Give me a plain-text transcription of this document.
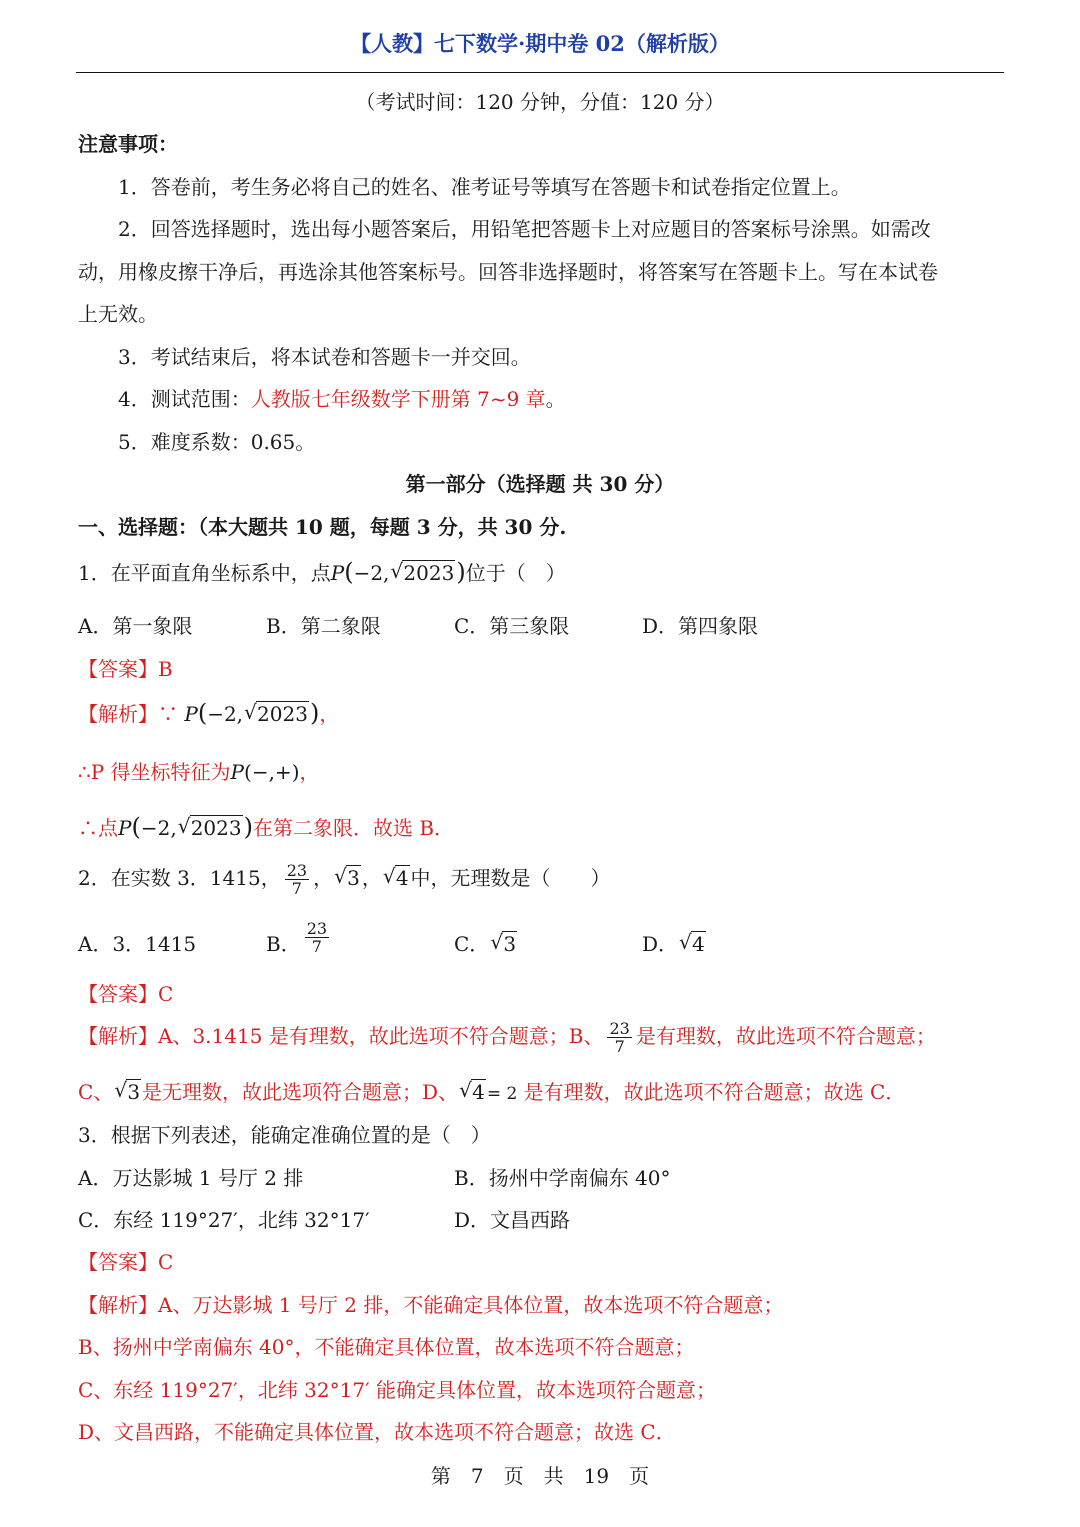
【人教】七下数学·期中卷 02（解析版）
（考试时间：120 分钟，分值：120 分）
注意事项：
1．答卷前，考生务必将自己的姓名、准考证号等填写在答题卡和试卷指定位置上。
2．回答选择题时，选出每小题答案后，用铅笔把答题卡上对应题目的答案标号涂黑。如需改
动，用橡皮擦干净后，再选涂其他答案标号。回答非选择题时，将答案写在答题卡上。写在本试卷
上无效。
3．考试结束后，将本试卷和答题卡一并交回。
4．测试范围：人教版七年级数学下册第 7~9 章。
5．难度系数：0.65。
第一部分（选择题 共 30 分）
一、选择题：（本大题共 10 题，每题 3 分，共 30 分.
1．在平面直角坐标系中，点P(−2, √ 2023)位于（　）
A．第一象限	B．第二象限	C．第三象限	D．第四象限
【答案】B
【解析】∵ P(−2, √ 2023)，
∴P 得坐标特征为P(−,+)，
∴点P(−2, √ 2023)在第二象限．故选 B．
2．在实数 3．1415， $\frac{23}{7}$ ， √ 3 ， √ 4 中，无理数是（　　）
A．3．1415	B． $\frac{23}{7}$	C． √ 3	D． √ 4
【答案】C
【解析】A、3.1415 是有理数，故此选项不符合题意；B、 $\frac{23}{7}$ 是有理数，故此选项不符合题意；
C、 √ 3 是无理数，故此选项符合题意；D、 √ 4 = 2 是有理数，故此选项不符合题意；故选 C．
3．根据下列表述，能确定准确位置的是（　）
A．万达影城 1 号厅 2 排	B．扬州中学南偏东 40°
C．东经 119°27′，北纬 32°17′	D．文昌西路
【答案】C
【解析】A、万达影城 1 号厅 2 排，不能确定具体位置，故本选项不符合题意；
B、扬州中学南偏东 40°，不能确定具体位置，故本选项不符合题意；
C、东经 119°27′，北纬 32°17′ 能确定具体位置，故本选项符合题意；
D、文昌西路，不能确定具体位置，故本选项不符合题意；故选 C．
第　7　页　共　19　页
